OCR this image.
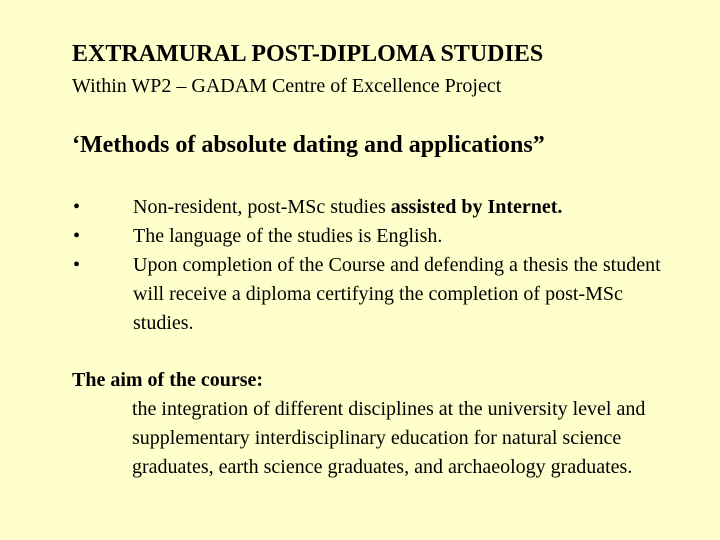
EXTRAMURAL POST-DIPLOMA STUDIES
Within WP2 – GADAM Centre of Excellence Project
‘Methods of absolute dating and applications”
•	Non-resident, post-MSc studies assisted by Internet.
•	The language of the studies is English.
•	Upon completion of the Course and defending a thesis the student will receive a diploma certifying the completion of post-MSc studies.
The aim of the course:
the integration of different disciplines at the university level and supplementary interdisciplinary education for natural science graduates, earth science graduates, and archaeology graduates.
